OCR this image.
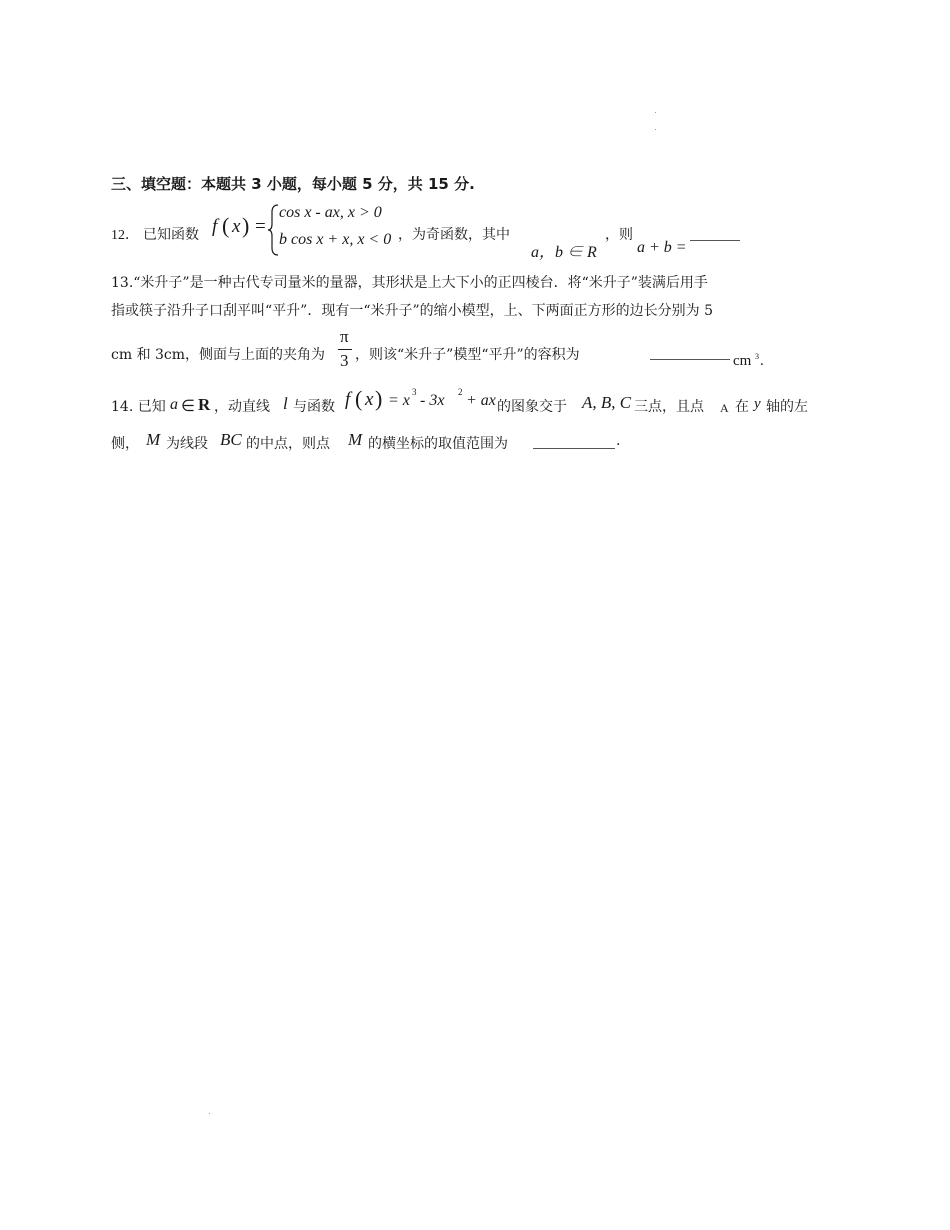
三、填空题：本题共 3 小题，每小题 5 分，共 15 分.
12． 已知函数 f ( x ) =
cos x - ax, x > 0
b cos x + x, x < 0 ，为奇函数，其中
a，b ∈ R
，则
a + b =
13.“米升子”是一种古代专司量米的量器，其形状是上大下小的正四棱台．将“米升子”装满后用手
指或筷子沿升子口刮平叫“平升”．现有一“米升子”的缩小模型，上、下两面正方形的边长分别为 5
cm 和 3cm，侧面与上面的夹角为
π
3 ，则该“米升子”模型“平升”的容积为	cm 3 .
14. 已知 a ∈ R ，动直线 l 与函数 f ( x ) = x 3 - 3x 2 + ax 的图象交于 A, B, C 三点，且点 A 在 y 轴的左
侧， M 为线段 BC 的中点，则点 M 的横坐标的取值范围为	.
